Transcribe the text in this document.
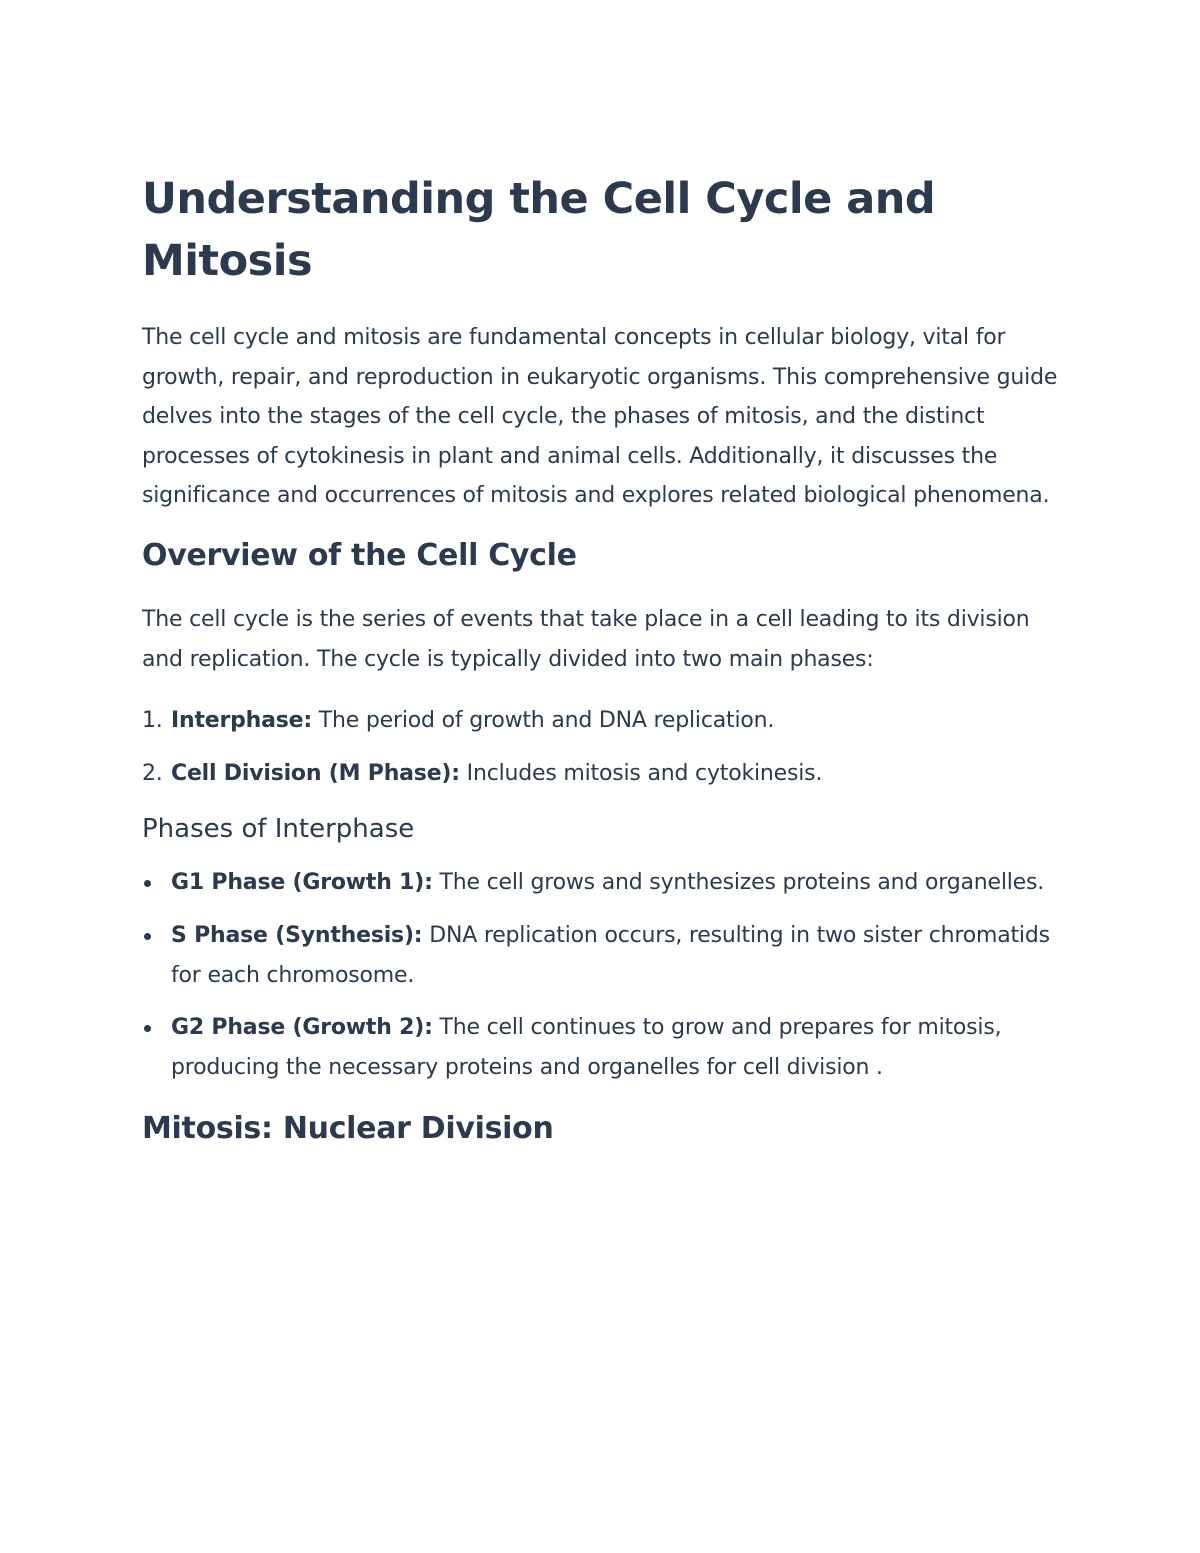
Understanding the Cell Cycle and Mitosis

The cell cycle and mitosis are fundamental concepts in cellular biology, vital for growth, repair, and reproduction in eukaryotic organisms. This comprehensive guide delves into the stages of the cell cycle, the phases of mitosis, and the distinct processes of cytokinesis in plant and animal cells. Additionally, it discusses the significance and occurrences of mitosis and explores related biological phenomena.

Overview of the Cell Cycle

The cell cycle is the series of events that take place in a cell leading to its division and replication. The cycle is typically divided into two main phases:

1. Interphase: The period of growth and DNA replication.
2. Cell Division (M Phase): Includes mitosis and cytokinesis.
Phases of Interphase
G1 Phase (Growth 1): The cell grows and synthesizes proteins and organelles.
S Phase (Synthesis): DNA replication occurs, resulting in two sister chromatids for each chromosome.
G2 Phase (Growth 2): The cell continues to grow and prepares for mitosis, producing the necessary proteins and organelles for cell division .
Mitosis: Nuclear Division
